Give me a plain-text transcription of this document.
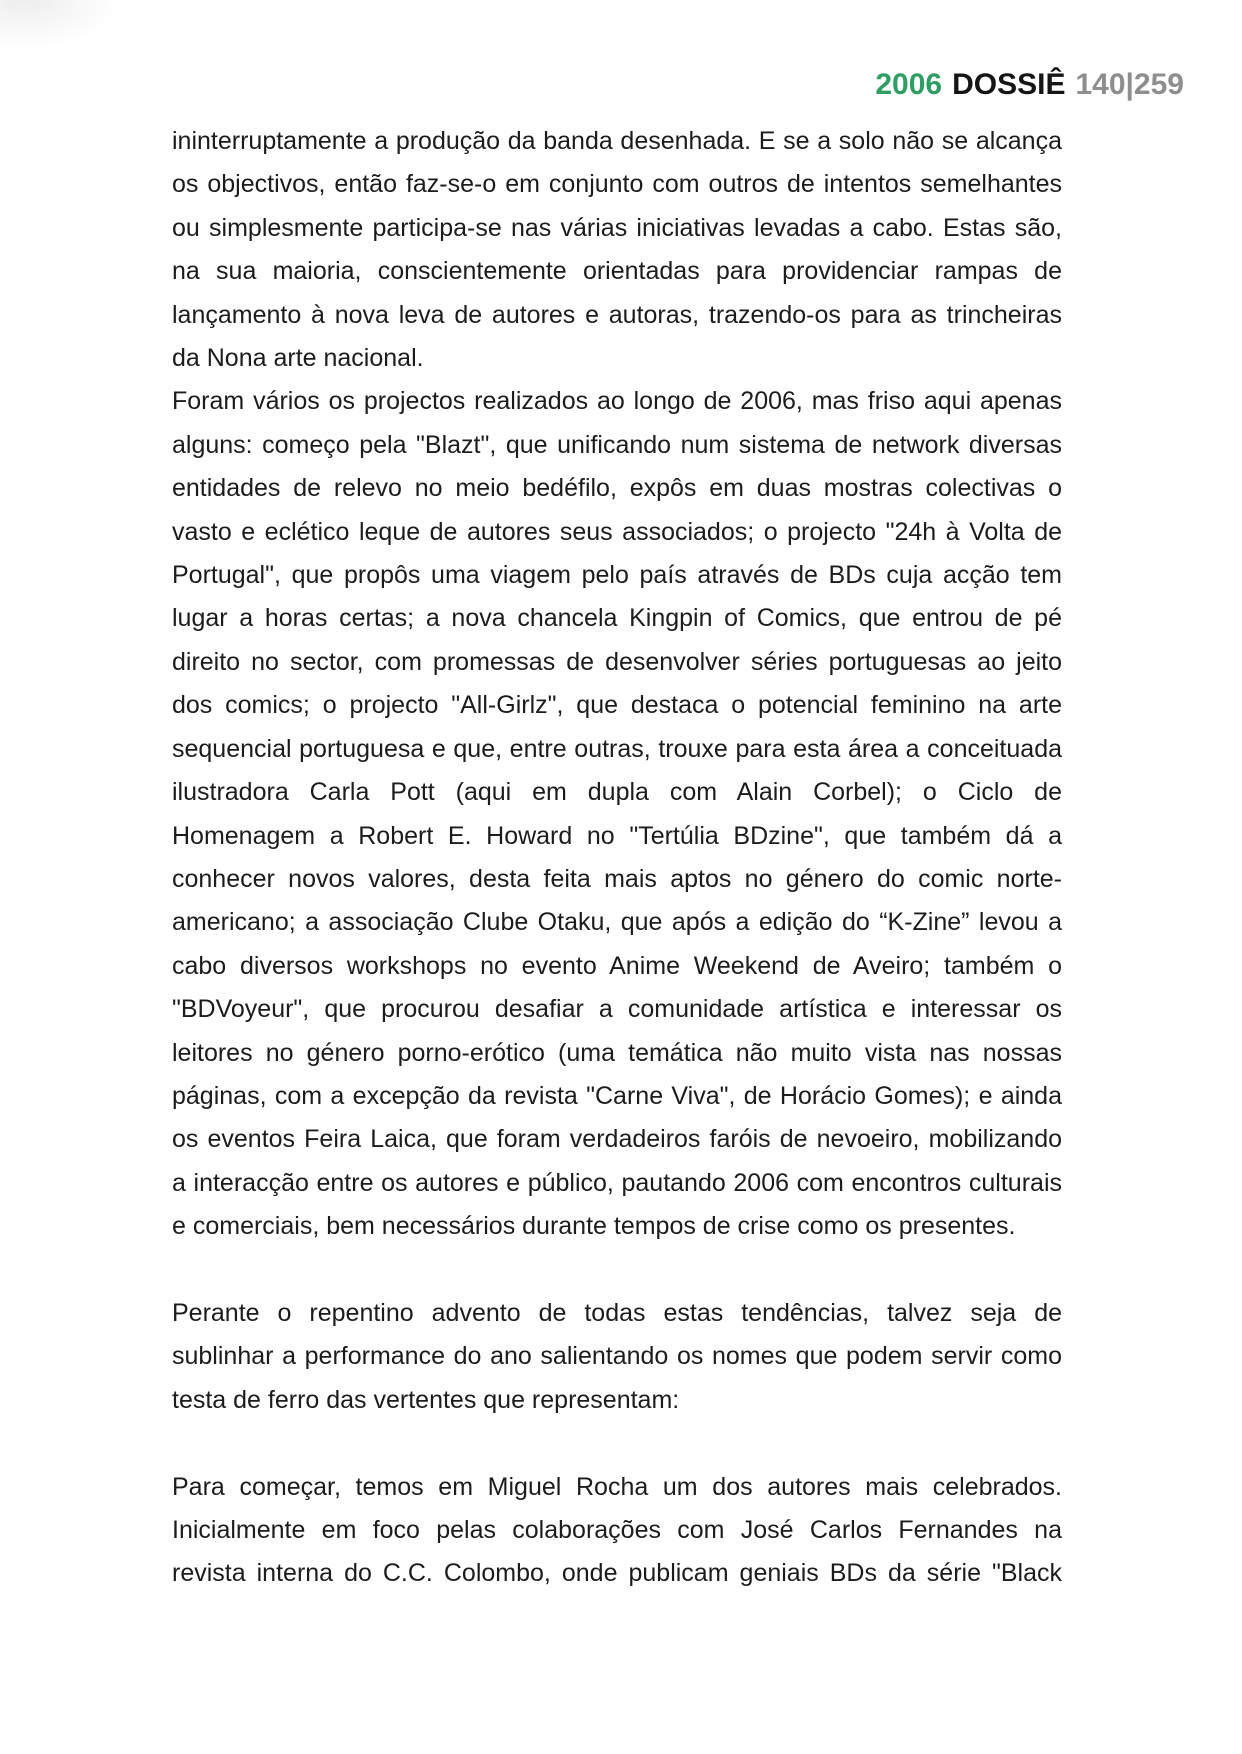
2006 DOSSIÊ 140|259
ininterruptamente a produção da banda desenhada. E se a solo não se alcança
os objectivos, então faz-se-o em conjunto com outros de intentos semelhantes
ou simplesmente participa-se nas várias iniciativas levadas a cabo. Estas são,
na sua maioria, conscientemente orientadas para providenciar rampas de
lançamento à nova leva de autores e autoras, trazendo-os para as trincheiras
da Nona arte nacional.
Foram vários os projectos realizados ao longo de 2006, mas friso aqui apenas
alguns: começo pela "Blazt", que unificando num sistema de network diversas
entidades de relevo no meio bedéfilo, expôs em duas mostras colectivas o
vasto e eclético leque de autores seus associados; o projecto "24h à Volta de
Portugal", que propôs uma viagem pelo país através de BDs cuja acção tem
lugar a horas certas; a nova chancela Kingpin of Comics, que entrou de pé
direito no sector, com promessas de desenvolver séries portuguesas ao jeito
dos comics; o projecto "All-Girlz", que destaca o potencial feminino na arte
sequencial portuguesa e que, entre outras, trouxe para esta área a conceituada
ilustradora Carla Pott (aqui em dupla com Alain Corbel); o Ciclo de
Homenagem a Robert E. Howard no "Tertúlia BDzine", que também dá a
conhecer novos valores, desta feita mais aptos no género do comic norte-
americano; a associação Clube Otaku, que após a edição do “K-Zine” levou a
cabo diversos workshops no evento Anime Weekend de Aveiro; também o
"BDVoyeur", que procurou desafiar a comunidade artística e interessar os
leitores no género porno-erótico (uma temática não muito vista nas nossas
páginas, com a excepção da revista "Carne Viva", de Horácio Gomes); e ainda
os eventos Feira Laica, que foram verdadeiros faróis de nevoeiro, mobilizando
a interacção entre os autores e público, pautando 2006 com encontros culturais
e comerciais, bem necessários durante tempos de crise como os presentes.
Perante o repentino advento de todas estas tendências, talvez seja de
sublinhar a performance do ano salientando os nomes que podem servir como
testa de ferro das vertentes que representam:
Para começar, temos em Miguel Rocha um dos autores mais celebrados.
Inicialmente em foco pelas colaborações com José Carlos Fernandes na
revista interna do C.C. Colombo, onde publicam geniais BDs da série "Black
